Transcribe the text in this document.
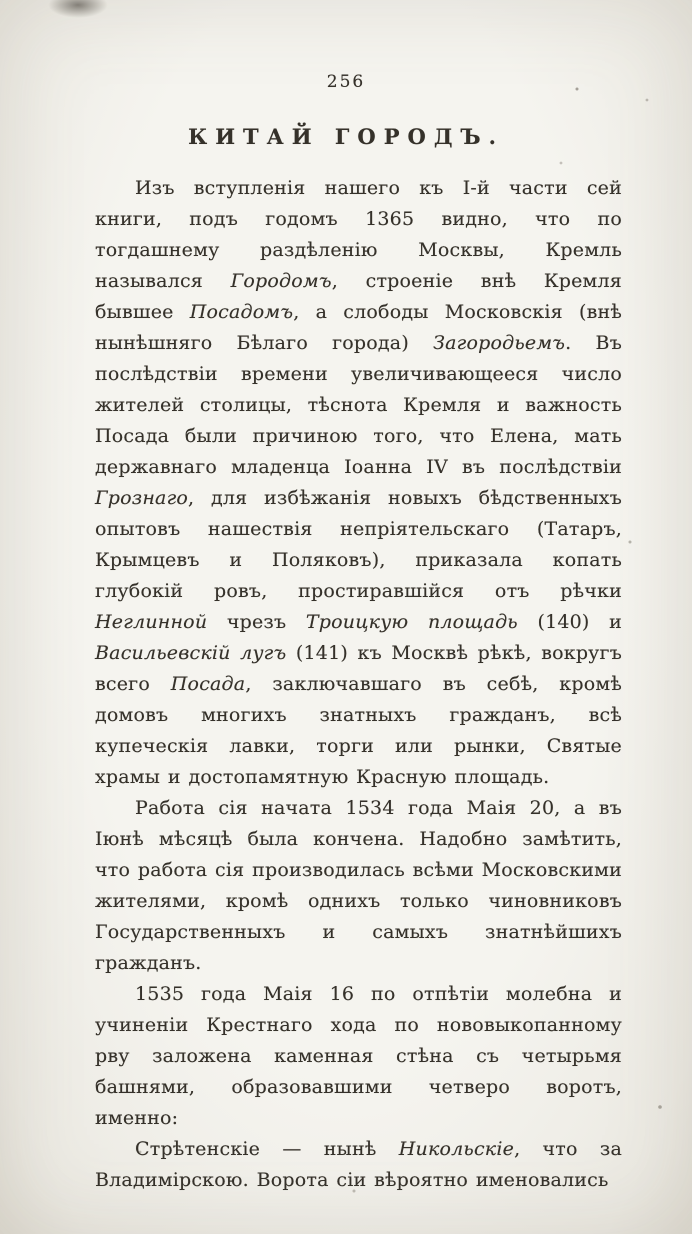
256
КИТАЙ ГОРОДЪ.

Изъ вступленія нашего къ I-й части сей книги, подъ годомъ 1365 видно, что по тогдашнему раздѣленію Москвы, Кремль назывался Городомъ, строеніе внѣ Кремля бывшее Посадомъ, а слободы Московскія (внѣ нынѣшняго Бѣлаго города) Загородьемъ. Въ послѣдствіи времени увеличивающееся число жителей столицы, тѣснота Кремля и важность Посада были причиною того, что Елена, мать державнаго младенца Іоанна IV въ послѣдствіи Грознаго, для избѣжанія новыхъ бѣдственныхъ опытовъ нашествія непріятельскаго (Татаръ, Крымцевъ и Поляковъ), приказала копать глубокій ровъ, простиравшійся отъ рѣчки Неглинной чрезъ Троицкую площадь (140) и Васильевскій лугъ (141) къ Москвѣ рѣкѣ, вокругъ всего Посада, заключавшаго въ себѣ, кромѣ домовъ многихъ знатныхъ гражданъ, всѣ купеческія лавки, торги или рынки, Святые храмы и достопамятную Красную площадь.

Работа сія начата 1534 года Маія 20, а въ Іюнѣ мѣсяцѣ была кончена. Надобно замѣтить, что работа сія производилась всѣми Московскими жителями, кромѣ однихъ только чиновниковъ Государственныхъ и самыхъ знатнѣйшихъ гражданъ.

1535 года Маія 16 по отпѣтіи молебна и учиненіи Крестнаго хода по нововыкопанному рву заложена каменная стѣна съ четырьмя башнями, образовавшими четверо воротъ, именно:

Стрѣтенскіе — нынѣ Никольскіе, что за Владимірскою. Ворота сіи вѣроятно именовались
